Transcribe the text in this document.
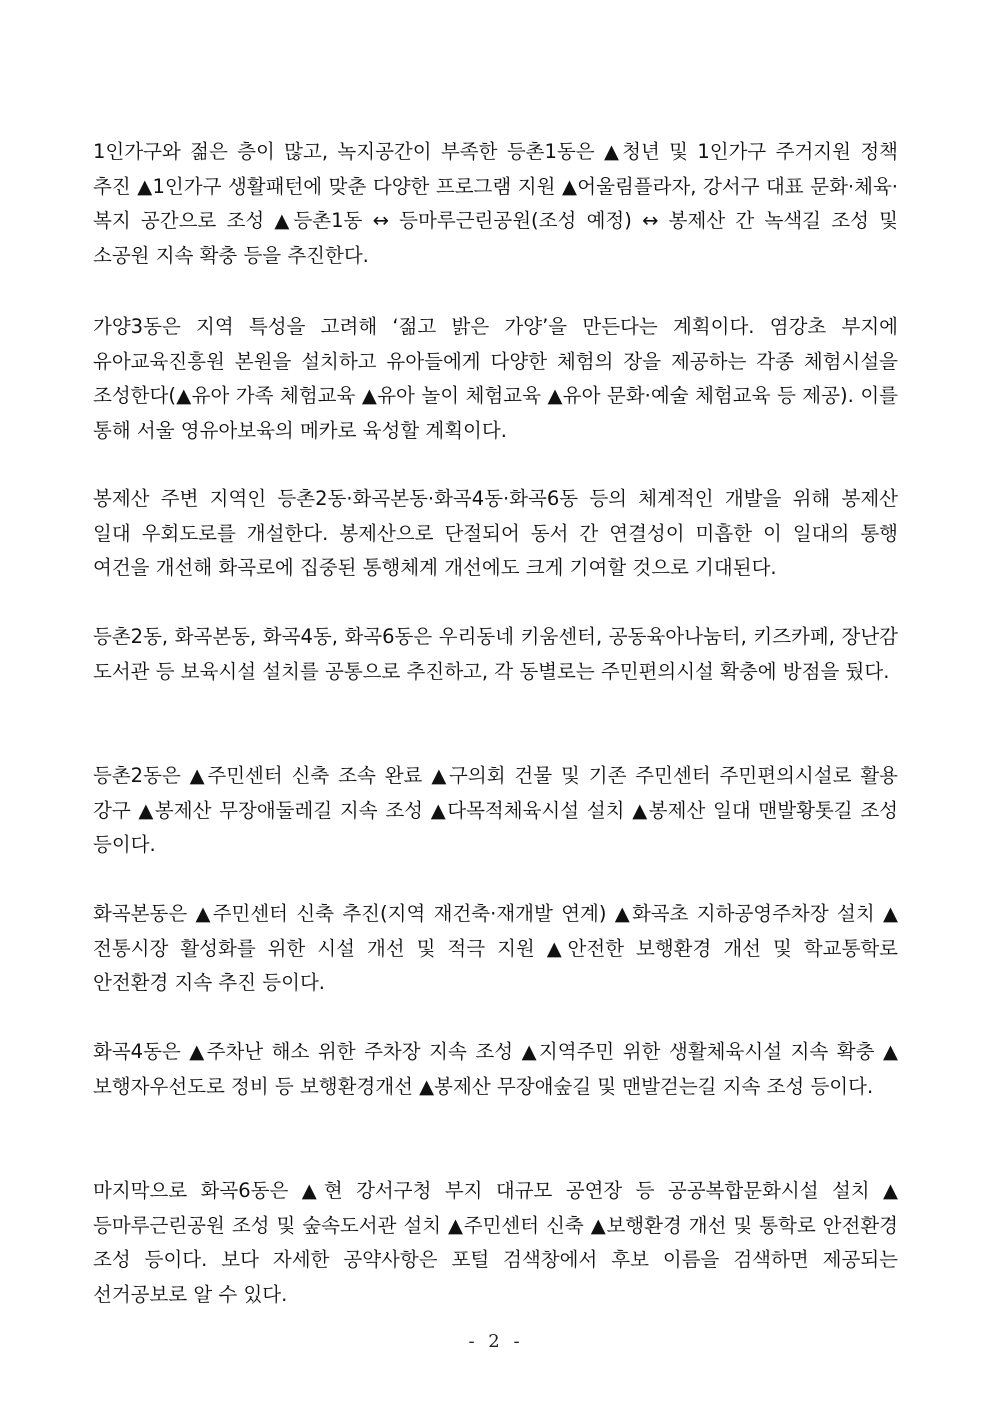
1인가구와 젊은 층이 많고, 녹지공간이 부족한 등촌1동은 ▲청년 및 1인가구 주거지원 정책 추진 ▲1인가구 생활패턴에 맞춘 다양한 프로그램 지원 ▲어울림플라자, 강서구 대표 문화·체육·복지 공간으로 조성 ▲등촌1동 ↔ 등마루근린공원(조성 예정) ↔ 봉제산 간 녹색길 조성 및 소공원 지속 확충 등을 추진한다.

가양3동은 지역 특성을 고려해 ‘젊고 밝은 가양’을 만든다는 계획이다. 염강초 부지에 유아교육진흥원 본원을 설치하고 유아들에게 다양한 체험의 장을 제공하는 각종 체험시설을 조성한다(▲유아 가족 체험교육 ▲유아 놀이 체험교육 ▲유아 문화·예술 체험교육 등 제공). 이를 통해 서울 영유아보육의 메카로 육성할 계획이다.

봉제산 주변 지역인 등촌2동·화곡본동·화곡4동·화곡6동 등의 체계적인 개발을 위해 봉제산 일대 우회도로를 개설한다. 봉제산으로 단절되어 동서 간 연결성이 미흡한 이 일대의 통행 여건을 개선해 화곡로에 집중된 통행체계 개선에도 크게 기여할 것으로 기대된다.

등촌2동, 화곡본동, 화곡4동, 화곡6동은 우리동네 키움센터, 공동육아나눔터, 키즈카페, 장난감 도서관 등 보육시설 설치를 공통으로 추진하고, 각 동별로는 주민편의시설 확충에 방점을 뒀다.

등촌2동은 ▲주민센터 신축 조속 완료 ▲구의회 건물 및 기존 주민센터 주민편의시설로 활용 강구 ▲봉제산 무장애둘레길 지속 조성 ▲다목적체육시설 설치 ▲봉제산 일대 맨발황톳길 조성 등이다.

화곡본동은 ▲주민센터 신축 추진(지역 재건축·재개발 연계) ▲화곡초 지하공영주차장 설치 ▲전통시장 활성화를 위한 시설 개선 및 적극 지원 ▲안전한 보행환경 개선 및 학교통학로 안전환경 지속 추진 등이다.

화곡4동은 ▲주차난 해소 위한 주차장 지속 조성 ▲지역주민 위한 생활체육시설 지속 확충 ▲보행자우선도로 정비 등 보행환경개선 ▲봉제산 무장애숲길 및 맨발걷는길 지속 조성 등이다.

마지막으로 화곡6동은 ▲현 강서구청 부지 대규모 공연장 등 공공복합문화시설 설치 ▲등마루근린공원 조성 및 숲속도서관 설치 ▲주민센터 신축 ▲보행환경 개선 및 통학로 안전환경 조성 등이다. 보다 자세한 공약사항은 포털 검색창에서 후보 이름을 검색하면 제공되는 선거공보로 알 수 있다.

- 2 -
